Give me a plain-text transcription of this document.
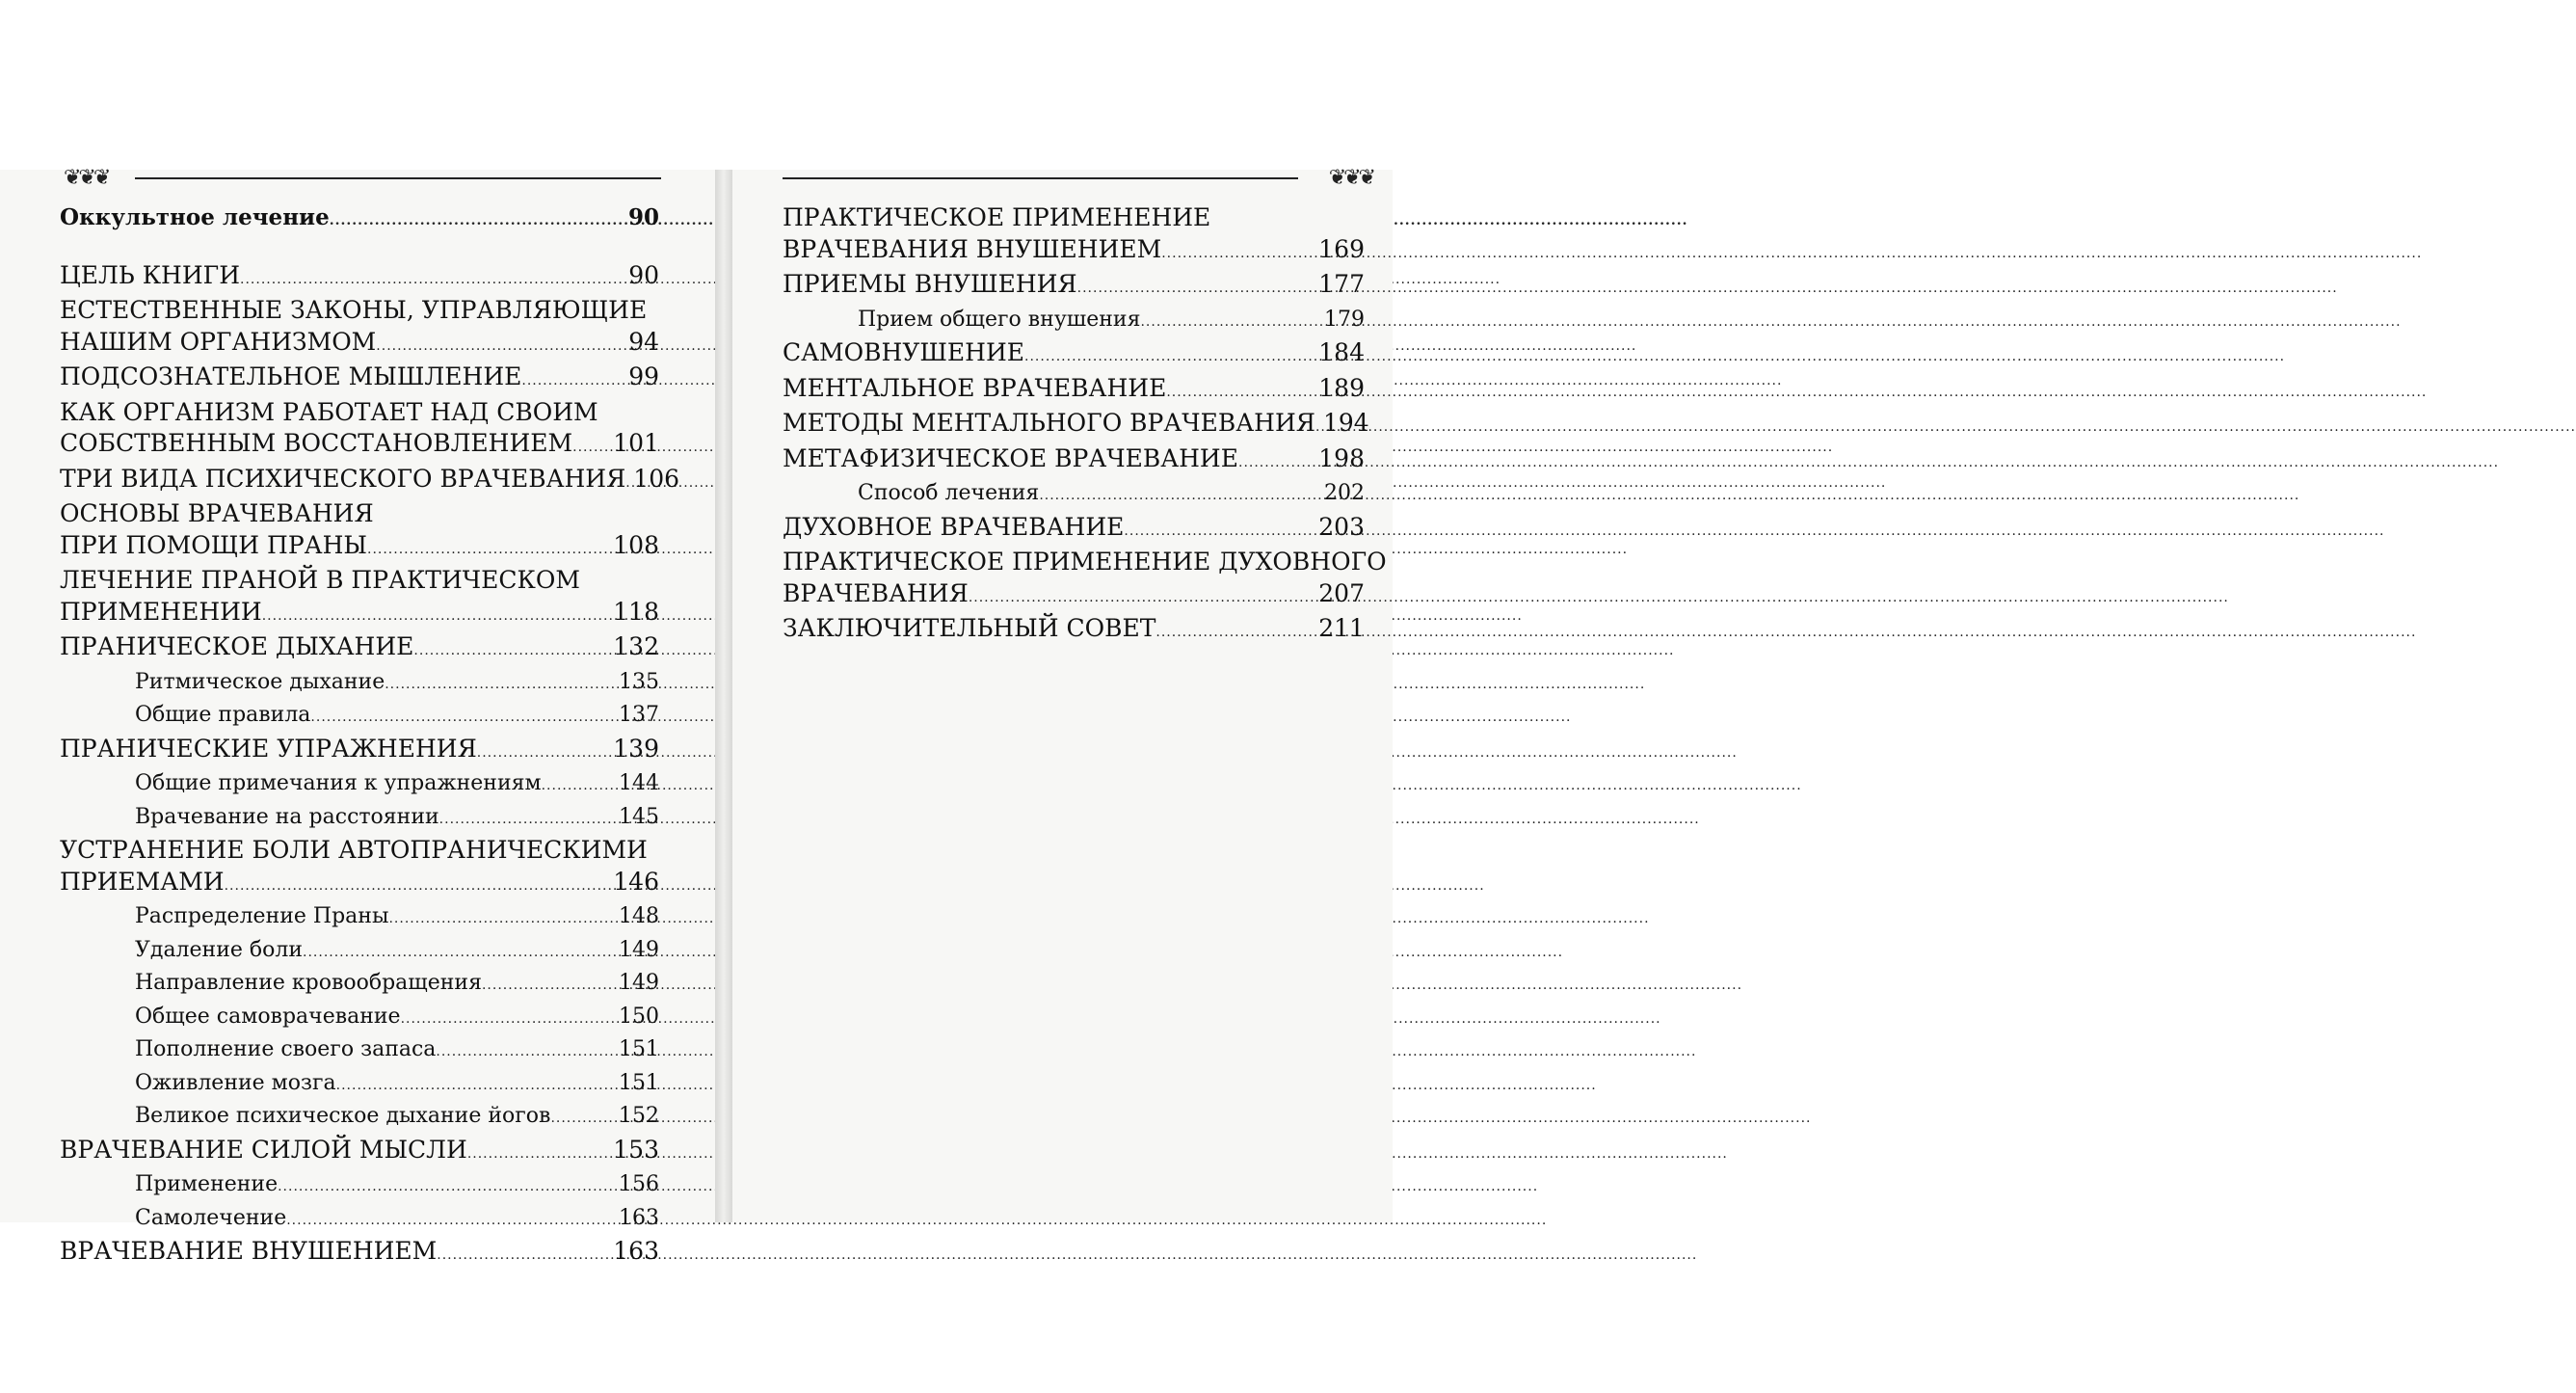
❦❦❦
Оккультное лечение .....	90
ЦЕЛЬ КНИГИ .....	90
ЕСТЕСТВЕННЫЕ ЗАКОНЫ, УПРАВЛЯЮЩИЕ
НАШИМ ОРГАНИЗМОМ .....	94
ПОДСОЗНАТЕЛЬНОЕ МЫШЛЕНИЕ .....	99
КАК ОРГАНИЗМ РАБОТАЕТ НАД СВОИМ
СОБСТВЕННЫМ ВОССТАНОВЛЕНИЕМ ..... 101
ТРИ ВИДА ПСИХИЧЕСКОГО ВРАЧЕВАНИЯ ..... 106
ОСНОВЫ ВРАЧЕВАНИЯ
ПРИ ПОМОЩИ ПРАНЫ .....	108
ЛЕЧЕНИЕ ПРАНОЙ В ПРАКТИЧЕСКОМ
ПРИМЕНЕНИИ .....	118
ПРАНИЧЕСКОЕ ДЫХАНИЕ .....	132
Ритмическое дыхание .....	135
Общие правила .....	137
ПРАНИЧЕСКИЕ УПРАЖНЕНИЯ .....	139
Общие примечания к упражнениям .....	144
Врачевание на расстоянии .....	145
УСТРАНЕНИЕ БОЛИ АВТОПРАНИЧЕСКИМИ
ПРИЕМАМИ .....	146
Распределение Праны .....	148
Удаление боли .....	149
Направление кровообращения .....	149
Общее самоврачевание .....	150
Пополнение своего запаса .....	151
Оживление мозга .....	151
Великое психическое дыхание йогов .....	152
ВРАЧЕВАНИЕ СИЛОЙ МЫСЛИ .....	153
Применение .....	156
Самолечение .....	163
ВРАЧЕВАНИЕ ВНУШЕНИЕМ .....	163
❦❦❦
ПРАКТИЧЕСКОЕ ПРИМЕНЕНИЕ
ВРАЧЕВАНИЯ ВНУШЕНИЕМ .....	169
ПРИЕМЫ ВНУШЕНИЯ .....	177
Прием общего внушения .....	179
САМОВНУШЕНИЕ .....	184
МЕНТАЛЬНОЕ ВРАЧЕВАНИЕ .....	189
МЕТОДЫ МЕНТАЛЬНОГО ВРАЧЕВАНИЯ ..... 194
МЕТАФИЗИЧЕСКОЕ ВРАЧЕВАНИЕ .....	198
Способ лечения .....	202
ДУХОВНОЕ ВРАЧЕВАНИЕ .....	203
ПРАКТИЧЕСКОЕ ПРИМЕНЕНИЕ ДУХОВНОГО
ВРАЧЕВАНИЯ .....	207
ЗАКЛЮЧИТЕЛЬНЫЙ СОВЕТ .....	211
